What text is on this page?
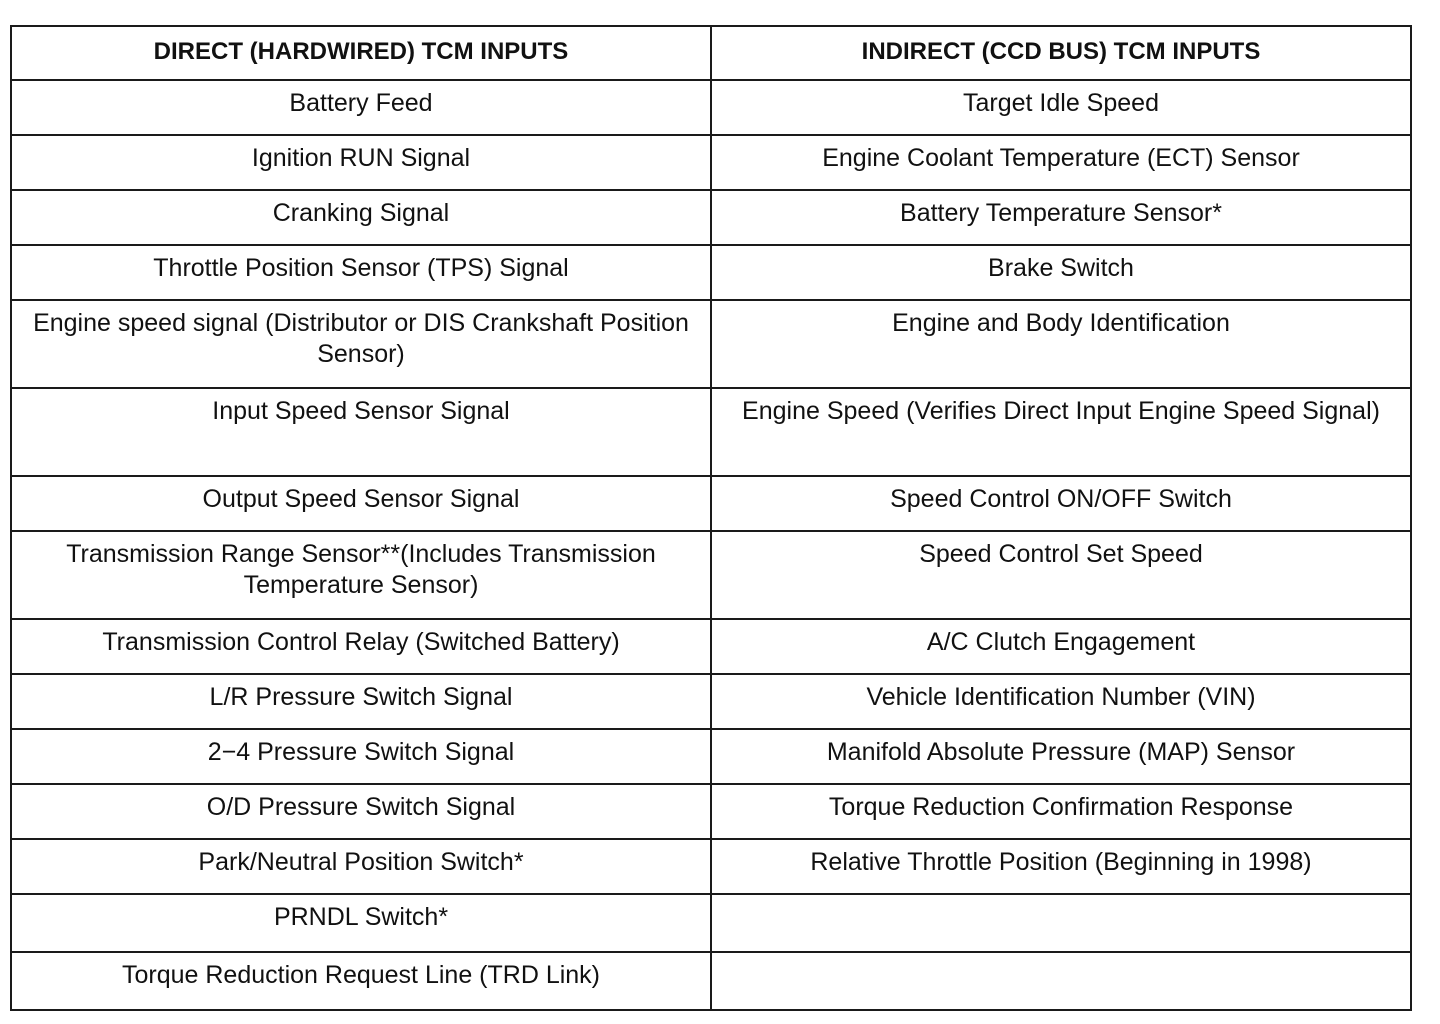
DIRECT (HARDWIRED) TCM INPUTS	INDIRECT (CCD BUS) TCM INPUTS
Battery Feed	Target Idle Speed
Ignition RUN Signal	Engine Coolant Temperature (ECT) Sensor
Cranking Signal	Battery Temperature Sensor*
Throttle Position Sensor (TPS) Signal	Brake Switch
Engine speed signal (Distributor or DIS Crankshaft Position Sensor)	Engine and Body Identification
Input Speed Sensor Signal	Engine Speed (Verifies Direct Input Engine Speed Signal)
Output Speed Sensor Signal	Speed Control ON/OFF Switch
Transmission Range Sensor**(Includes Transmission Temperature Sensor)	Speed Control Set Speed
Transmission Control Relay (Switched Battery)	A/C Clutch Engagement
L/R Pressure Switch Signal	Vehicle Identification Number (VIN)
2−4 Pressure Switch Signal	Manifold Absolute Pressure (MAP) Sensor
O/D Pressure Switch Signal	Torque Reduction Confirmation Response
Park/Neutral Position Switch*	Relative Throttle Position (Beginning in 1998)
PRNDL Switch*	
Torque Reduction Request Line (TRD Link)	
